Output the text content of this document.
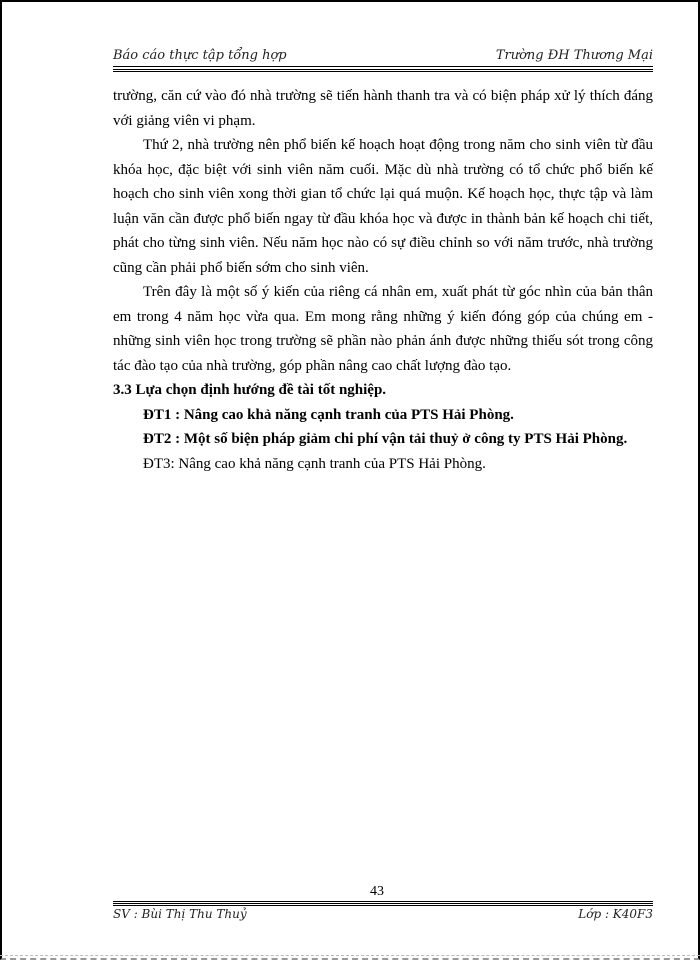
Báo cáo thực tập tổng hợp	Trường ĐH Thương Mại

trường, căn cứ vào đó nhà trường sẽ tiến hành thanh tra và có biện pháp xử lý thích đáng với giảng viên vi phạm.

Thứ 2, nhà trường nên phổ biến kế hoạch hoạt động trong năm cho sinh viên từ đầu khóa học, đặc biệt với sinh viên năm cuối. Mặc dù nhà trường có tổ chức phổ biến kế hoạch cho sinh viên xong thời gian tổ chức lại quá muộn. Kế hoạch học, thực tập và làm luận văn cần được phổ biến ngay từ đầu khóa học và được in thành bản kế hoạch chi tiết, phát cho từng sinh viên. Nếu năm học nào có sự điều chỉnh so với năm trước, nhà trường cũng cần phải phổ biến sớm cho sinh viên.

Trên đây là một số ý kiến của riêng cá nhân em, xuất phát từ góc nhìn của bản thân em trong 4 năm học vừa qua. Em mong rằng những ý kiến đóng góp của chúng em - những sinh viên học trong trường sẽ phần nào phản ánh được những thiếu sót trong công tác đào tạo của nhà trường, góp phần nâng cao chất lượng đào tạo.

3.3 Lựa chọn định hướng đề tài tốt nghiệp.

ĐT1 : Nâng cao khả năng cạnh tranh của PTS Hải Phòng.

ĐT2 : Một số biện pháp giảm chi phí vận tải thuỷ ở công ty PTS Hải Phòng.

ĐT3: Nâng cao khả năng cạnh tranh của PTS Hải Phòng.

43
SV : Bùi Thị Thu Thuỷ	Lớp : K40F3
